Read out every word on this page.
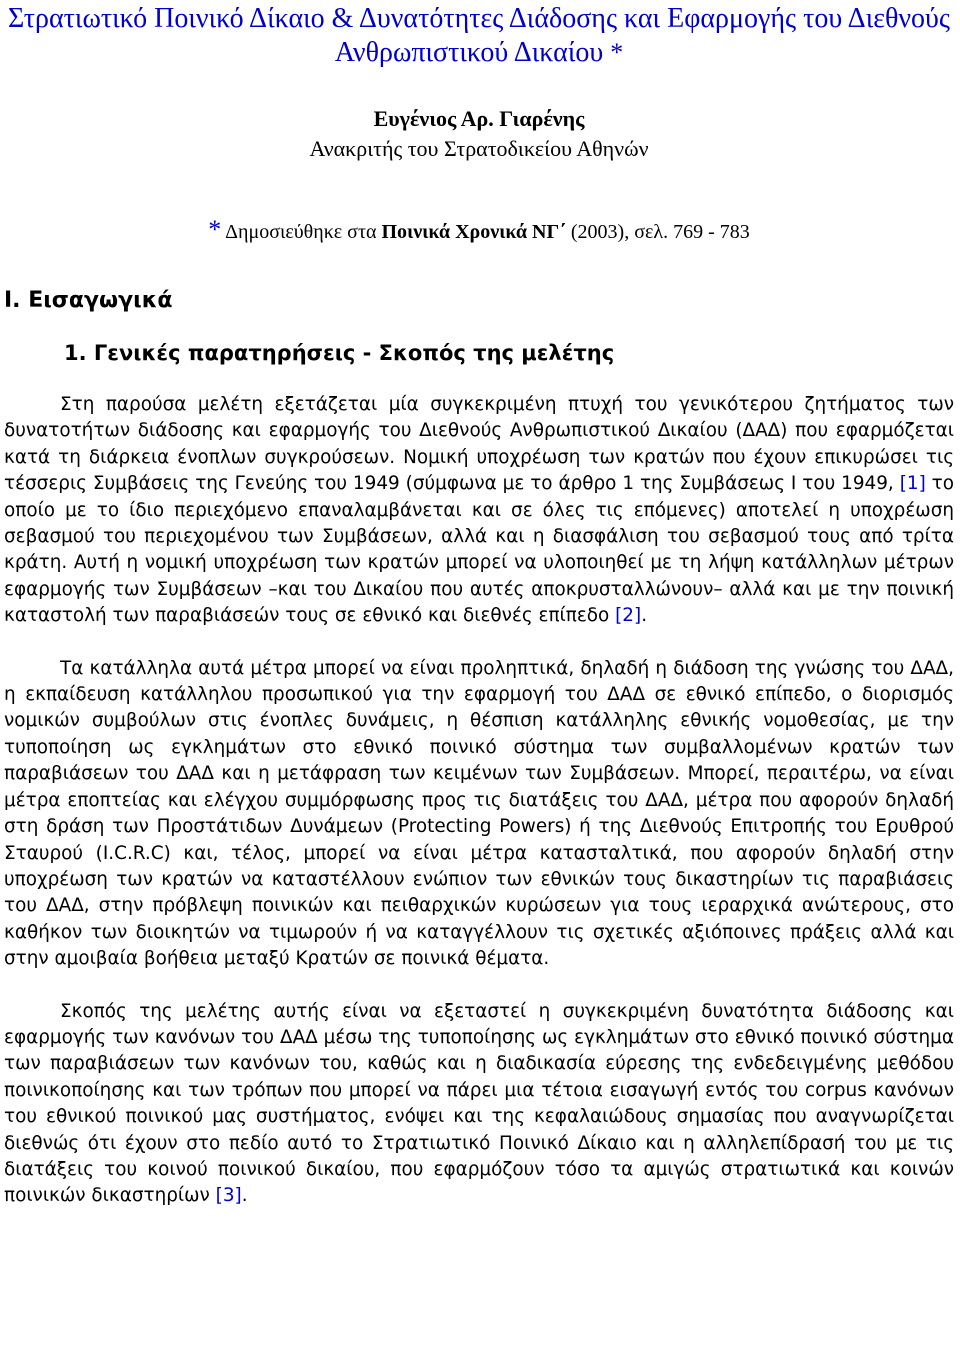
Στρατιωτικό Ποινικό Δίκαιο & Δυνατότητες Διάδοσης και Εφαρμογής του Διεθνούς Ανθρωπιστικού Δικαίου *
Ευγένιος Αρ. Γιαρένης
Ανακριτής του Στρατοδικείου Αθηνών
* Δημοσιεύθηκε στα Ποινικά Χρονικά ΝΓ΄ (2003), σελ. 769 - 783
Ι. Εισαγωγικά
1. Γενικές παρατηρήσεις - Σκοπός της μελέτης

Στη παρούσα μελέτη εξετάζεται μία συγκεκριμένη πτυχή του γενικότερου ζητήματος των δυνατοτήτων διάδοσης και εφαρμογής του Διεθνούς Ανθρωπιστικού Δικαίου (ΔΑΔ) που εφαρμόζεται κατά τη διάρκεια ένοπλων συγκρούσεων. Νομική υποχρέωση των κρατών που έχουν επικυρώσει τις τέσσερις Συμβάσεις της Γενεύης του 1949 (σύμφωνα με το άρθρο 1 της Συμβάσεως Ι του 1949, [1] το οποίο με το ίδιο περιεχόμενο επαναλαμβάνεται και σε όλες τις επόμενες) αποτελεί η υποχρέωση σεβασμού του περιεχομένου των Συμβάσεων, αλλά και η διασφάλιση του σεβασμού τους από τρίτα κράτη. Αυτή η νομική υποχρέωση των κρατών μπορεί να υλοποιηθεί με τη λήψη κατάλληλων μέτρων εφαρμογής των Συμβάσεων –και του Δικαίου που αυτές αποκρυσταλλώνουν– αλλά και με την ποινική καταστολή των παραβιάσεών τους σε εθνικό και διεθνές επίπεδο [2].

Τα κατάλληλα αυτά μέτρα μπορεί να είναι προληπτικά, δηλαδή η διάδοση της γνώσης του ΔΑΔ, η εκπαίδευση κατάλληλου προσωπικού για την εφαρμογή του ΔΑΔ σε εθνικό επίπεδο, ο διορισμός νομικών συμβούλων στις ένοπλες δυνάμεις, η θέσπιση κατάλληλης εθνικής νομοθεσίας, με την τυποποίηση ως εγκλημάτων στο εθνικό ποινικό σύστημα των συμβαλλομένων κρατών των παραβιάσεων του ΔΑΔ και η μετάφραση των κειμένων των Συμβάσεων. Μπορεί, περαιτέρω, να είναι μέτρα εποπτείας και ελέγχου συμμόρφωσης προς τις διατάξεις του ΔΑΔ, μέτρα που αφορούν δηλαδή στη δράση των Προστάτιδων Δυνάμεων (Protecting Powers) ή της Διεθνούς Επιτροπής του Ερυθρού Σταυρού (I.C.R.C) και, τέλος, μπορεί να είναι μέτρα κατασταλτικά, που αφορούν δηλαδή στην υποχρέωση των κρατών να καταστέλλουν ενώπιον των εθνικών τους δικαστηρίων τις παραβιάσεις του ΔΑΔ, στην πρόβλεψη ποινικών και πειθαρχικών κυρώσεων για τους ιεραρχικά ανώτερους, στο καθήκον των διοικητών να τιμωρούν ή να καταγγέλλουν τις σχετικές αξιόποινες πράξεις αλλά και στην αμοιβαία βοήθεια μεταξύ Κρατών σε ποινικά θέματα.

Σκοπός της μελέτης αυτής είναι να εξεταστεί η συγκεκριμένη δυνατότητα διάδοσης και εφαρμογής των κανόνων του ΔΑΔ μέσω της τυποποίησης ως εγκλημάτων στο εθνικό ποινικό σύστημα των παραβιάσεων των κανόνων του, καθώς και η διαδικασία εύρεσης της ενδεδειγμένης μεθόδου ποινικοποίησης και των τρόπων που μπορεί να πάρει μια τέτοια εισαγωγή εντός του corpus κανόνων του εθνικού ποινικού μας συστήματος, ενόψει και της κεφαλαιώδους σημασίας που αναγνωρίζεται διεθνώς ότι έχουν στο πεδίο αυτό το Στρατιωτικό Ποινικό Δίκαιο και η αλληλεπίδρασή του με τις διατάξεις του κοινού ποινικού δικαίου, που εφαρμόζουν τόσο τα αμιγώς στρατιωτικά και κοινών ποινικών δικαστηρίων [3].
